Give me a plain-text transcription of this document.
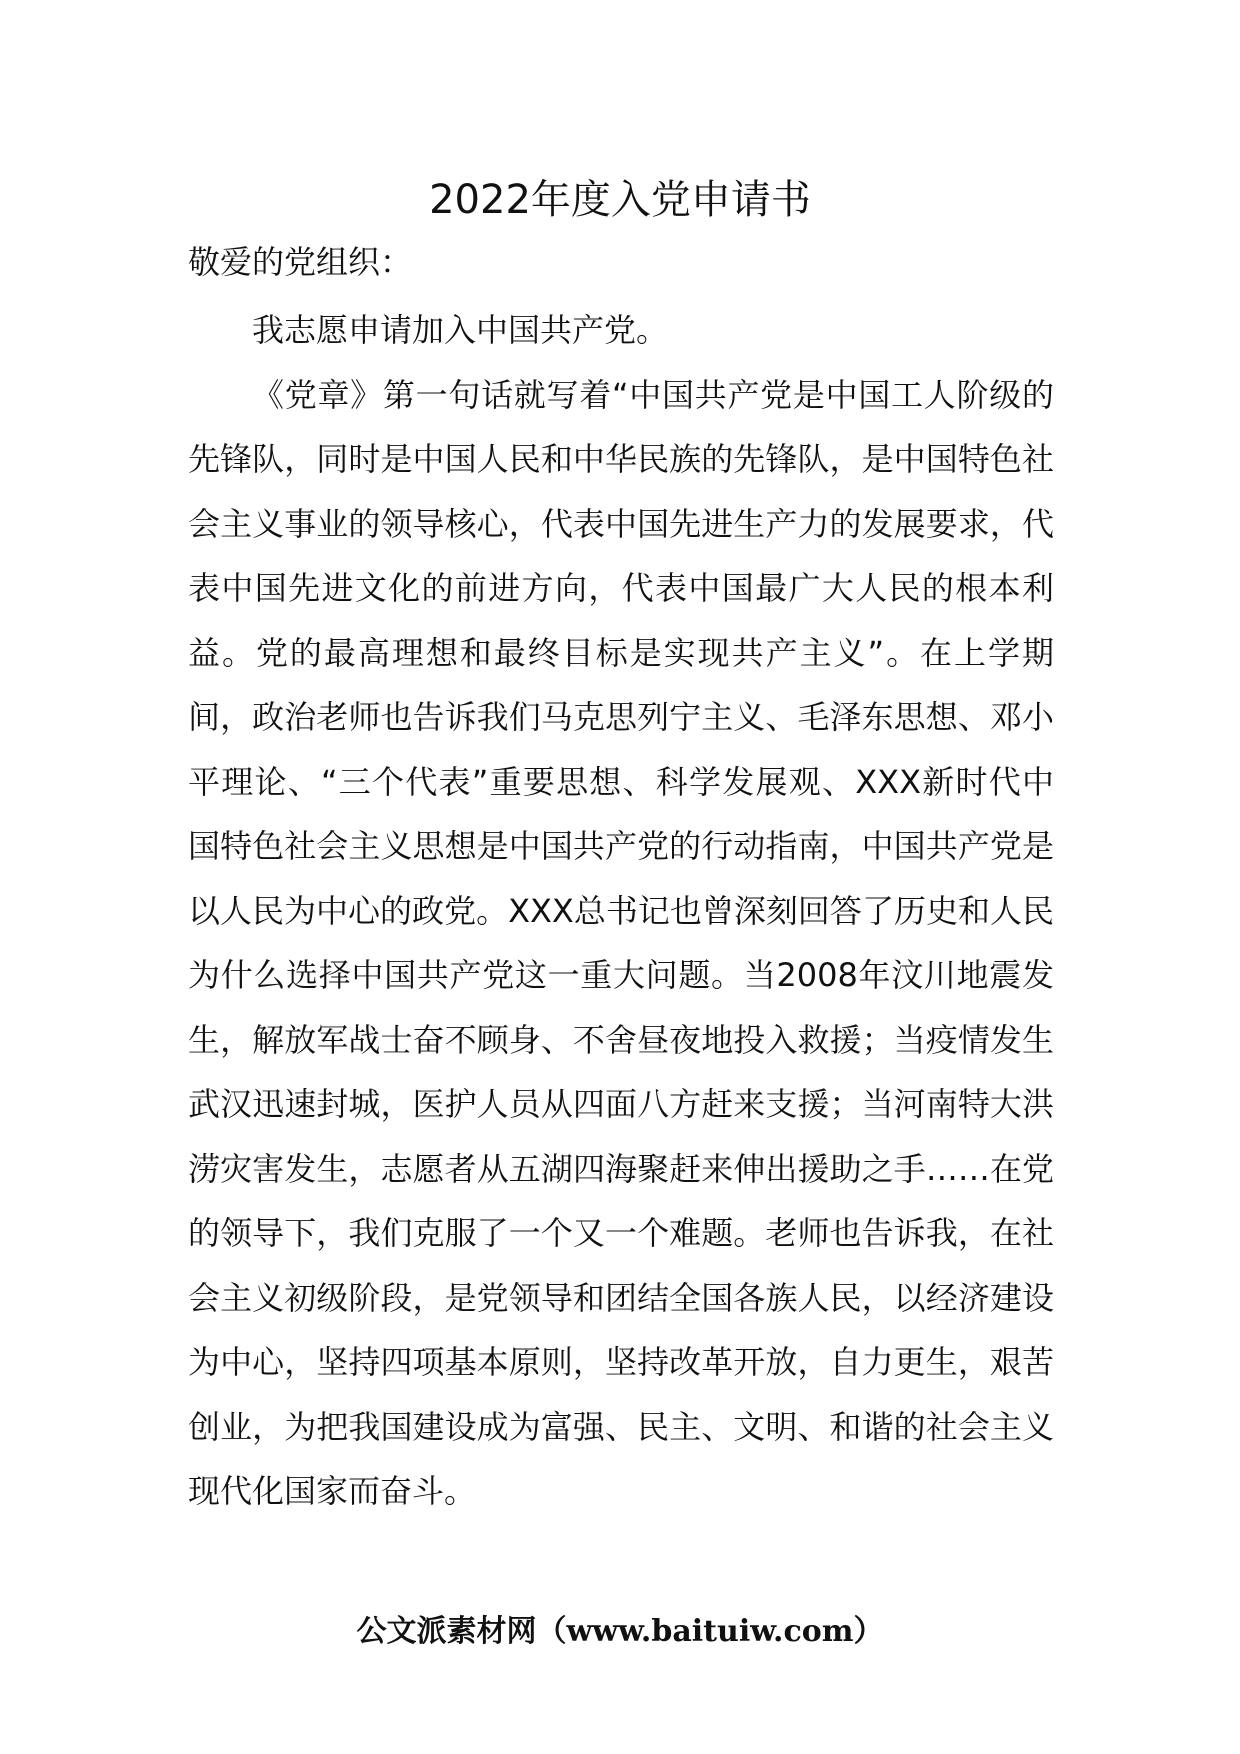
2022年度入党申请书
敬爱的党组织：

我志愿申请加入中国共产党。

《党章》第一句话就写着“中国共产党是中国工人阶级的先锋队，同时是中国人民和中华民族的先锋队，是中国特色社会主义事业的领导核心，代表中国先进生产力的发展要求，代表中国先进文化的前进方向，代表中国最广大人民的根本利益。党的最高理想和最终目标是实现共产主义”。在上学期间，政治老师也告诉我们马克思列宁主义、毛泽东思想、邓小平理论、“三个代表”重要思想、科学发展观、XXX新时代中国特色社会主义思想是中国共产党的行动指南，中国共产党是以人民为中心的政党。XXX总书记也曾深刻回答了历史和人民为什么选择中国共产党这一重大问题。当2008年汶川地震发生，解放军战士奋不顾身、不舍昼夜地投入救援；当疫情发生武汉迅速封城，医护人员从四面八方赶来支援；当河南特大洪涝灾害发生，志愿者从五湖四海聚赶来伸出援助之手……在党的领导下，我们克服了一个又一个难题。老师也告诉我，在社会主义初级阶段，是党领导和团结全国各族人民，以经济建设为中心，坚持四项基本原则，坚持改革开放，自力更生，艰苦创业，为把我国建设成为富强、民主、文明、和谐的社会主义现代化国家而奋斗。

公文派素材网（www.baituiw.com）
